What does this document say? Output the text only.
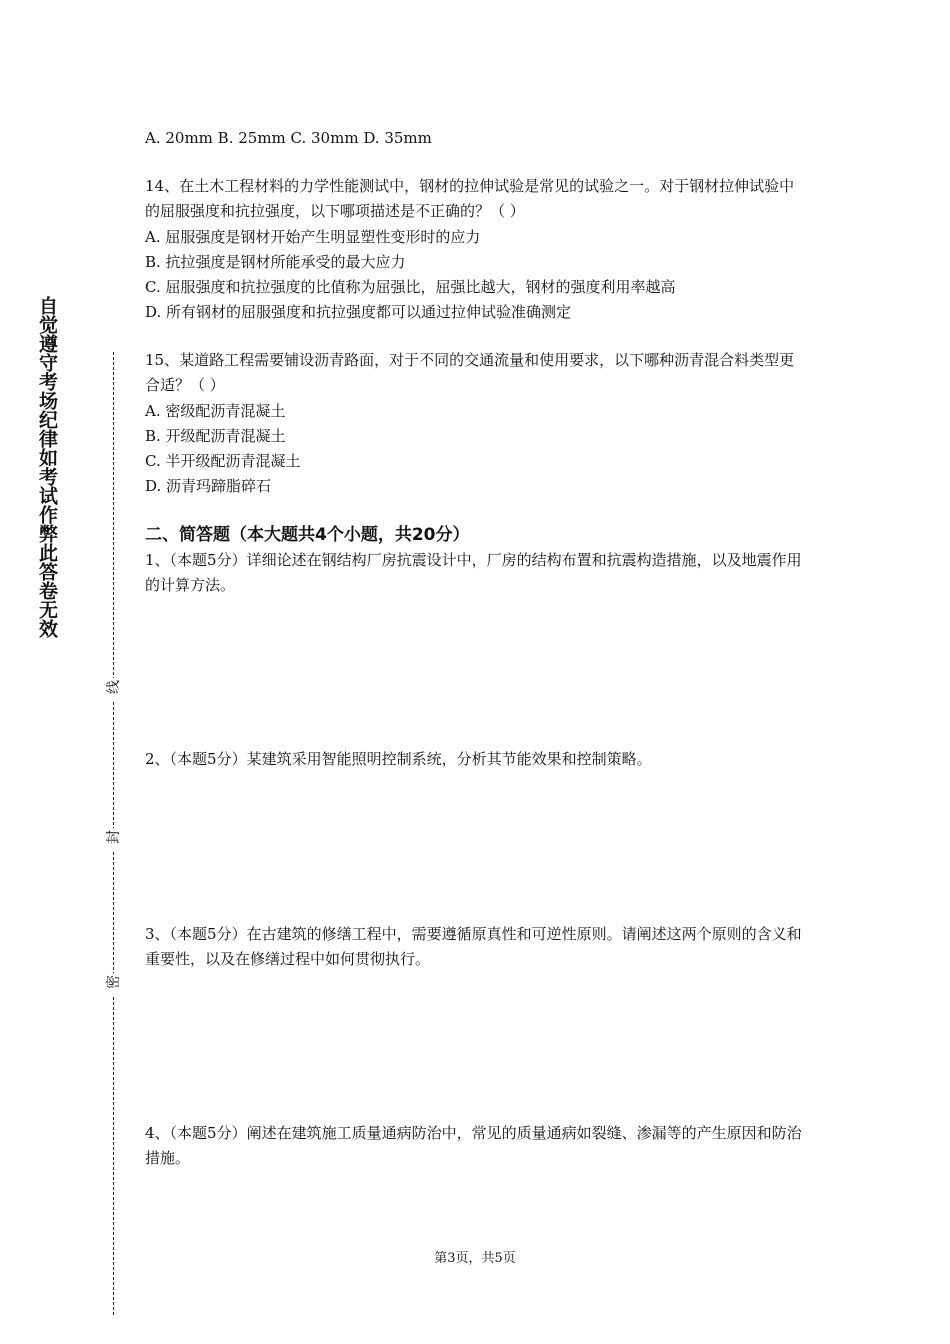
自觉遵守考场纪律如考试作弊此答卷无效
线
封
密
A. 20mm B. 25mm C. 30mm D. 35mm
14、在土木工程材料的力学性能测试中，钢材的拉伸试验是常见的试验之一。对于钢材拉伸试验中的屈服强度和抗拉强度，以下哪项描述是不正确的？（ ）
A. 屈服强度是钢材开始产生明显塑性变形时的应力
B. 抗拉强度是钢材所能承受的最大应力
C. 屈服强度和抗拉强度的比值称为屈强比，屈强比越大，钢材的强度利用率越高
D. 所有钢材的屈服强度和抗拉强度都可以通过拉伸试验准确测定
15、某道路工程需要铺设沥青路面，对于不同的交通流量和使用要求，以下哪种沥青混合料类型更合适？（ ）
A. 密级配沥青混凝土
B. 开级配沥青混凝土
C. 半开级配沥青混凝土
D. 沥青玛蹄脂碎石
二、简答题（本大题共4个小题，共20分）
1、（本题5分）详细论述在钢结构厂房抗震设计中，厂房的结构布置和抗震构造措施，以及地震作用的计算方法。
2、（本题5分）某建筑采用智能照明控制系统，分析其节能效果和控制策略。
3、（本题5分）在古建筑的修缮工程中，需要遵循原真性和可逆性原则。请阐述这两个原则的含义和重要性，以及在修缮过程中如何贯彻执行。
4、（本题5分）阐述在建筑施工质量通病防治中，常见的质量通病如裂缝、渗漏等的产生原因和防治措施。
第3页，共5页
